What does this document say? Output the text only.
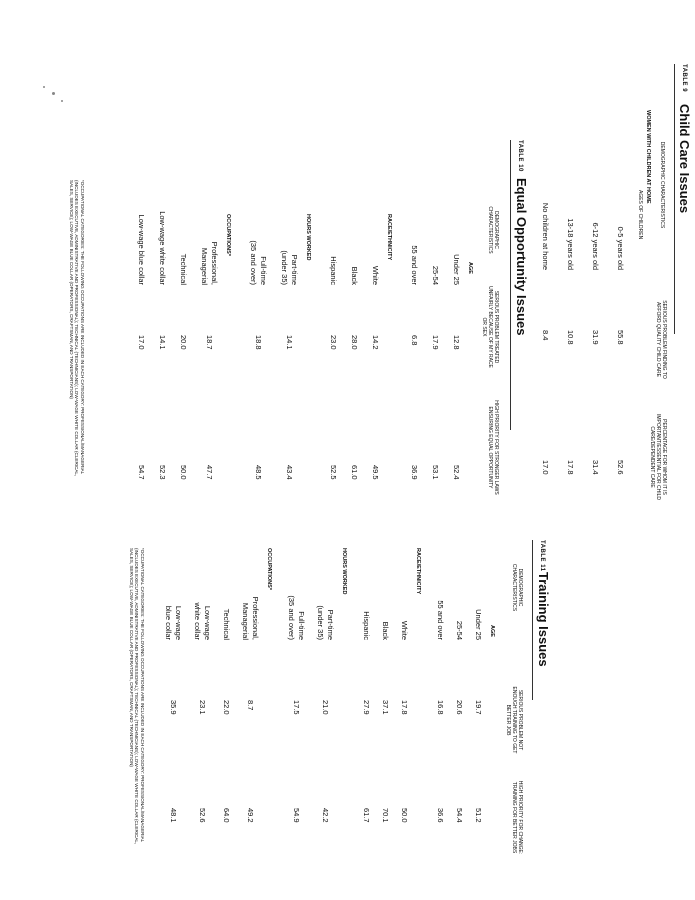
TABLE 9
Child Care Issues
DEMOGRAPHIC CHARACTERISTICS
SERIOUS PROBLEM FINDING TO AFFORD QUALITY CHILD CARE
PERCENTAGE FOR WHOM IT IS IMPORTANT/ESSENTIAL FOR CHILD CARE/DEPENDENT CARE
WOMEN WITH CHILDREN AT HOME
AGES OF CHILDREN
0-5 years old
55.8
52.6
6-12 years old
31.9
31.4
13-18 years old
10.8
17.8
No children at home
8.4
17.0
TABLE 10
Equal Opportunity Issues
DEMOGRAPHIC CHARACTERISTICS
SERIOUS PROBLEM TREATED UNFAIRLY BECAUSE OF MY RACE OR SEX
HIGH PRIORITY FOR STRONGER LAWS ENSURING EQUAL OPPORTUNITY
AGE
Under 25
12.8
52.4
25-54
17.9
53.1
55 and over
6.8
36.9
RACE/ETHNICITY
White
14.2
49.5
Black
28.0
61.0
Hispanic
23.0
52.5
HOURS WORKED
Part-time
(under 35)
14.1
43.4
Full-time
(35 and over)
18.8
48.5
OCCUPATIONS*
Professional,
Managerial
18.7
47.7
Technical
20.0
50.0
Low-wage white collar
14.1
52.3
Low-wage blue collar
17.0
54.7
*OCCUPATIONAL CATEGORIES: THE FOLLOWING OCCUPATIONS ARE INCLUDED IN EACH CATEGORY: PROFESSIONAL/MANAGERIAL (INCLUDES EXECUTIVE, ADMINISTRATIVE AND PROFESSIONAL); TECHNICAL (TECHNICIANS); LOW-WAGE WHITE COLLAR (CLERICAL, SALES, SERVICE); LOW-WAGE BLUE COLLAR (OPERATORS, CRAFTSMAN, AND TRANSPORTATION)
TABLE 11
Training Issues
DEMOGRAPHIC CHARACTERISTICS
SERIOUS PROBLEM NOT ENOUGH TRAINING TO GET BETTER JOB
HIGH PRIORITY FOR CHANGE: TRAINING FOR BETTER JOBS
AGE
Under 25
19.7
51.2
25-54
20.6
54.4
55 and over
16.8
36.6
RACE/ETHNICITY
White
17.8
50.0
Black
37.1
70.1
Hispanic
27.9
61.7
HOURS WORKED
Part-time
(under 35)
21.0
42.2
Full-time
(35 and over)
17.5
54.9
OCCUPATIONS*
Professional,
Managerial
8.7
49.2
Technical
22.0
64.0
Low-wage
white collar
23.1
52.6
Low-wage
blue collar
35.9
48.1
*OCCUPATIONAL CATEGORIES: THE FOLLOWING OCCUPATIONS ARE INCLUDED IN EACH CATEGORY: PROFESSIONAL/MANAGERIAL (INCLUDES EXECUTIVE, ADMINISTRATIVE AND PROFESSIONAL); TECHNICAL (TECHNICIANS); LOW-WAGE WHITE COLLAR (CLERICAL, SALES, SERVICE); LOW-WAGE BLUE COLLAR (OPERATORS, CRAFTSMAN, AND TRANSPORTATION)
